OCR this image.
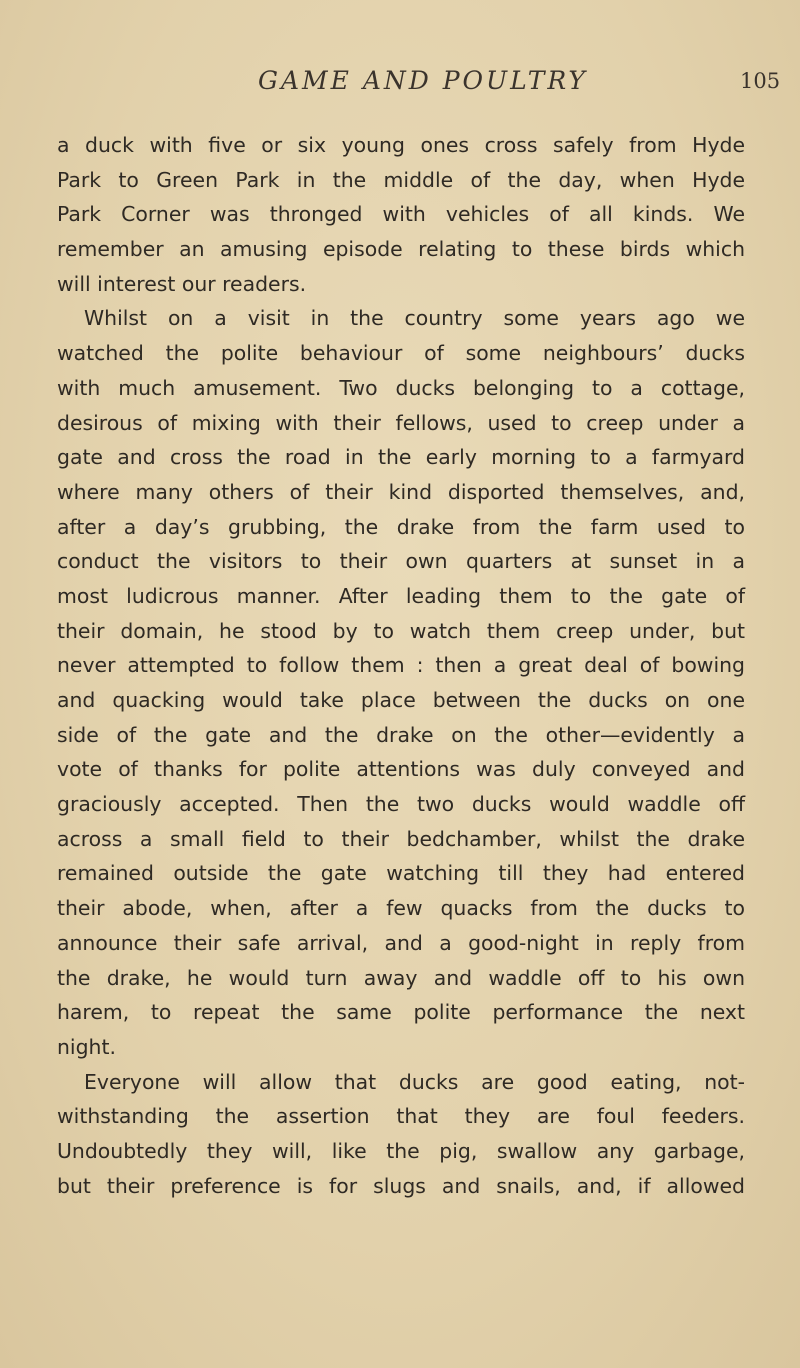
GAME AND POULTRY	105
a duck with five or six young ones cross safely from Hyde
Park to Green Park in the middle of the day, when Hyde
Park Corner was thronged with vehicles of all kinds. We
remember an amusing episode relating to these birds which
will interest our readers.
Whilst on a visit in the country some years ago we
watched the polite behaviour of some neighbours’ ducks
with much amusement. Two ducks belonging to a cottage,
desirous of mixing with their fellows, used to creep under a
gate and cross the road in the early morning to a farmyard
where many others of their kind disported themselves, and,
after a day’s grubbing, the drake from the farm used to
conduct the visitors to their own quarters at sunset in a
most ludicrous manner. After leading them to the gate of
their domain, he stood by to watch them creep under, but
never attempted to follow them : then a great deal of bowing
and quacking would take place between the ducks on one
side of the gate and the drake on the other—evidently a
vote of thanks for polite attentions was duly conveyed and
graciously accepted. Then the two ducks would waddle off
across a small field to their bedchamber, whilst the drake
remained outside the gate watching till they had entered
their abode, when, after a few quacks from the ducks to
announce their safe arrival, and a good-night in reply from
the drake, he would turn away and waddle off to his own
harem, to repeat the same polite performance the next
night.
Everyone will allow that ducks are good eating, not-
withstanding the assertion that they are foul feeders.
Undoubtedly they will, like the pig, swallow any garbage,
but their preference is for slugs and snails, and, if allowed
